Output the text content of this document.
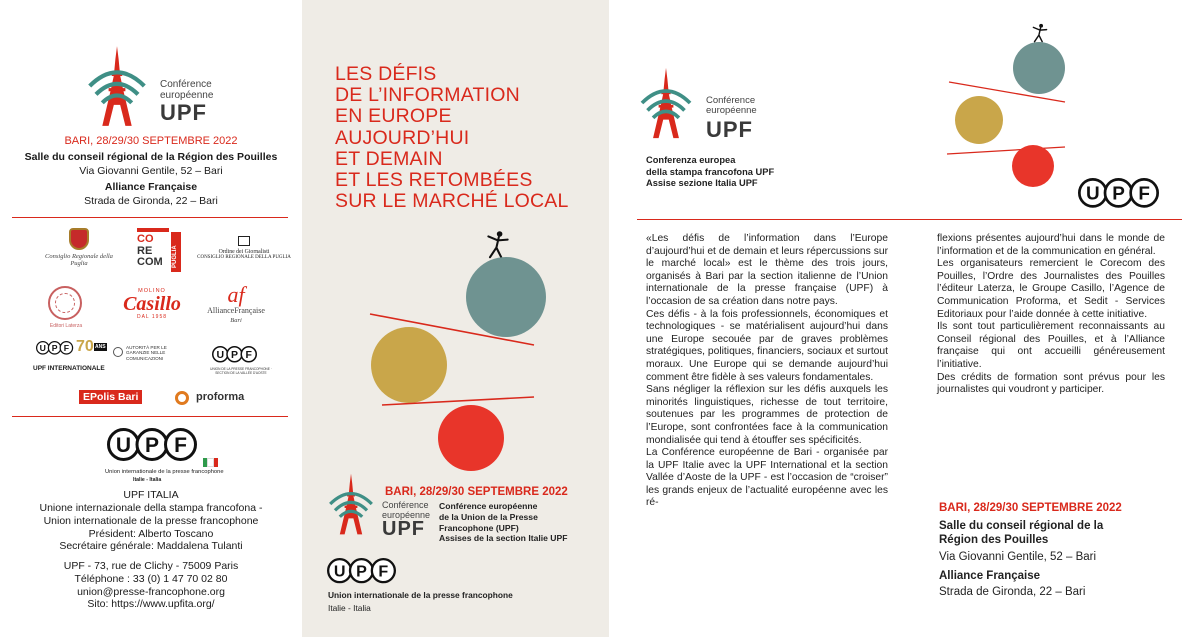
Conférence
européenne
UPF
BARI, 28/29/30 SEPTEMBRE 2022
Salle du conseil régional de la Région des Pouilles
Via Giovanni Gentile, 52 – Bari
Alliance Française
Strada de Gironda, 22 – Bari
Consiglio Regionale della Puglia
CO
RE
COM	PUGLIA	Ordine dei Giornalisti
CONSIGLIO REGIONALE DELLA PUGLIA
Editori Laterza
MOLINO
Casillo
DAL 1958
af
AllianceFrançaise
Bari
U P F 70 ANS
UPF INTERNATIONALE
AUTORITÀ PER LE
GARANZIE NELLE
COMUNICAZIONI	U P F
UNION DE LA PRESSE FRANCOPHONE · SECTION DE LA VALLÉE D'AOSTE
EPolis Bari	proforma
U P	F
Union internationale de la presse francophone
Italie - Italia
UPF ITALIA
Unione internazionale della stampa francofona -
Union internationale de la presse francophone
Président: Alberto Toscano
Secrétaire générale: Maddalena Tulanti
UPF - 73, rue de Clichy - 75009 Paris
Téléphone : 33 (0) 1 47 70 02 80
union@presse-francophone.org
Sito: https://www.upfita.org/
LES DÉFIS
DE L’INFORMATION
EN EUROPE
AUJOURD’HUI
ET DEMAIN
ET LES RETOMBÉES
SUR LE MARCHÉ LOCAL
BARI, 28/29/30 SEPTEMBRE 2022
Conférence
européenne
UPF
Conférence européenne
de la Union de la Presse
Francophone (UPF)
Assises de la section Italie UPF
U P F
Union internationale de la presse francophone
Italie - Italia
Conférence
européenne
UPF
Conferenza europea
della stampa francofona UPF
Assise sezione Italia UPF	U P F
«Les défis de l’information dans l’Europe d’aujourd’hui et de demain et leurs répercussions sur le marché local» est le thème des trois jours, organisés à Bari par la section italienne de l’Union internationale de la presse française (UPF) à l’occasion de sa création dans notre pays.
Ces défis - à la fois professionnels, économiques et technologiques - se matérialisent aujourd’hui dans une Europe secouée par de graves problèmes stratégiques, politiques, financiers, sociaux et surtout moraux. Une Europe qui se demande aujourd’hui comment être fidèle à ses valeurs fondamentales.
Sans négliger la réflexion sur les défis auxquels les minorités linguistiques, richesse de tout territoire, soutenues par les programmes de protection de l’Europe, sont confrontées face à la communication mondialisée qui tend à étouffer ses spécificités.
La Conférence européenne de Bari - organisée par la UPF Italie avec la UPF International et la section Vallée d’Aoste de la UPF - est l’occasion de “croiser” les grands enjeux de l’actualité européenne avec les ré-
flexions présentes aujourd’hui dans le monde de l’information et de la communication en général.
Les organisateurs remercient le Corecom des Pouilles, l’Ordre des Journalistes des Pouilles l’éditeur Laterza, le Groupe Casillo, l’Agence de Communication Proforma, et Sedit - Services Editoriaux pour l’aide donnée à cette initiative.
Ils sont tout particulièrement reconnaissants au Conseil régional des Pouilles, et à l’Alliance française qui ont accueilli généreusement l’initiative.
Des crédits de formation sont prévus pour les journalistes qui voudront y participer.
BARI, 28/29/30 SEPTEMBRE 2022
Salle du conseil régional de la
Région des Pouilles
Via Giovanni Gentile, 52 – Bari
Alliance Française
Strada de Gironda, 22 – Bari
